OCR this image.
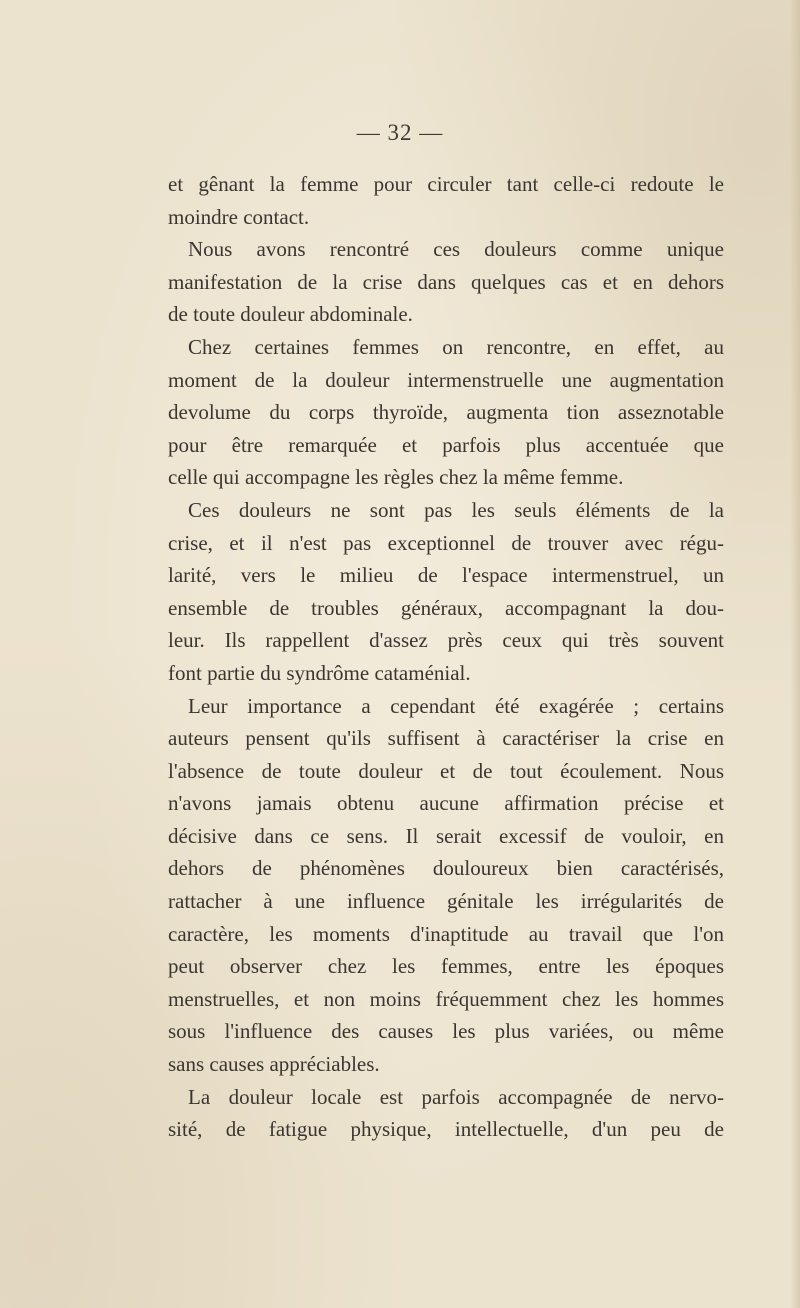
— 32 —
et gênant la femme pour circuler tant celle-ci redoute le
moindre contact.
Nous avons rencontré ces douleurs comme unique
manifestation de la crise dans quelques cas et en dehors
de toute douleur abdominale.
Chez certaines femmes on rencontre, en effet, au
moment de la douleur intermenstruelle une augmentation
devolume du corps thyroïde, augmenta tion asseznotable
pour être remarquée et parfois plus accentuée que
celle qui accompagne les règles chez la même femme.
Ces douleurs ne sont pas les seuls éléments de la
crise, et il n'est pas exceptionnel de trouver avec régu-
larité, vers le milieu de l'espace intermenstruel, un
ensemble de troubles généraux, accompagnant la dou-
leur. Ils rappellent d'assez près ceux qui très souvent
font partie du syndrôme cataménial.
Leur importance a cependant été exagérée ; certains
auteurs pensent qu'ils suffisent à caractériser la crise en
l'absence de toute douleur et de tout écoulement. Nous
n'avons jamais obtenu aucune affirmation précise et
décisive dans ce sens. Il serait excessif de vouloir, en
dehors de phénomènes douloureux bien caractérisés,
rattacher à une influence génitale les irrégularités de
caractère, les moments d'inaptitude au travail que l'on
peut observer chez les femmes, entre les époques
menstruelles, et non moins fréquemment chez les hommes
sous l'influence des causes les plus variées, ou même
sans causes appréciables.
La douleur locale est parfois accompagnée de nervo-
sité, de fatigue physique, intellectuelle, d'un peu de
